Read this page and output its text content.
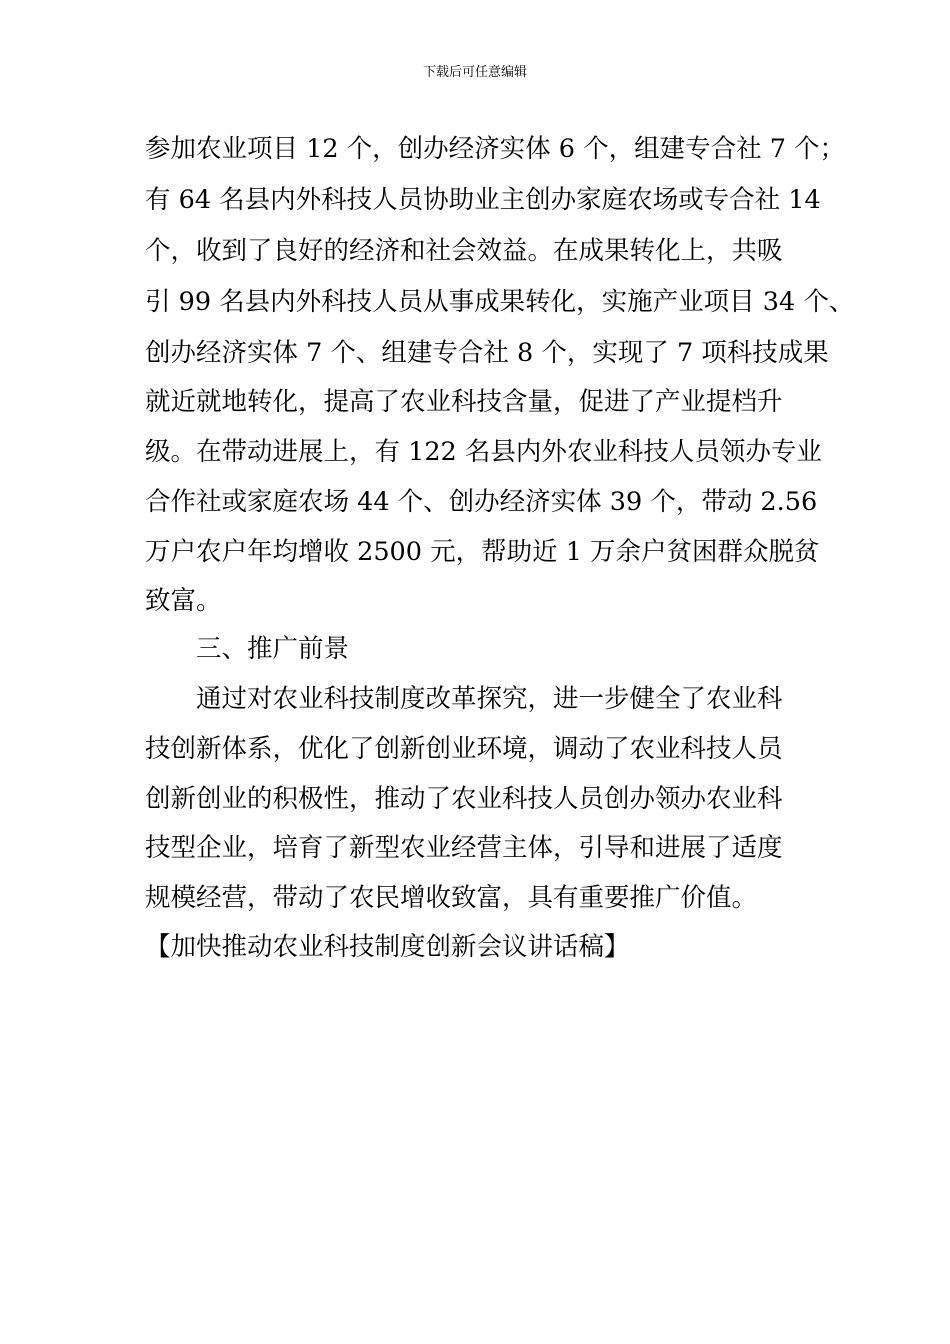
下载后可任意编辑
参加农业项目 12 个，创办经济实体 6 个，组建专合社 7 个；
有 64 名县内外科技人员协助业主创办家庭农场或专合社 14
个，收到了良好的经济和社会效益。在成果转化上，共吸
引 99 名县内外科技人员从事成果转化，实施产业项目 34 个、
创办经济实体 7 个、组建专合社 8 个，实现了 7 项科技成果
就近就地转化，提高了农业科技含量，促进了产业提档升
级。在带动进展上，有 122 名县内外农业科技人员领办专业
合作社或家庭农场 44 个、创办经济实体 39 个，带动 2.56
万户农户年均增收 2500 元，帮助近 1 万余户贫困群众脱贫
致富。
三、推广前景
通过对农业科技制度改革探究，进一步健全了农业科
技创新体系，优化了创新创业环境，调动了农业科技人员
创新创业的积极性，推动了农业科技人员创办领办农业科
技型企业，培育了新型农业经营主体，引导和进展了适度
规模经营，带动了农民增收致富，具有重要推广价值。
【加快推动农业科技制度创新会议讲话稿】
